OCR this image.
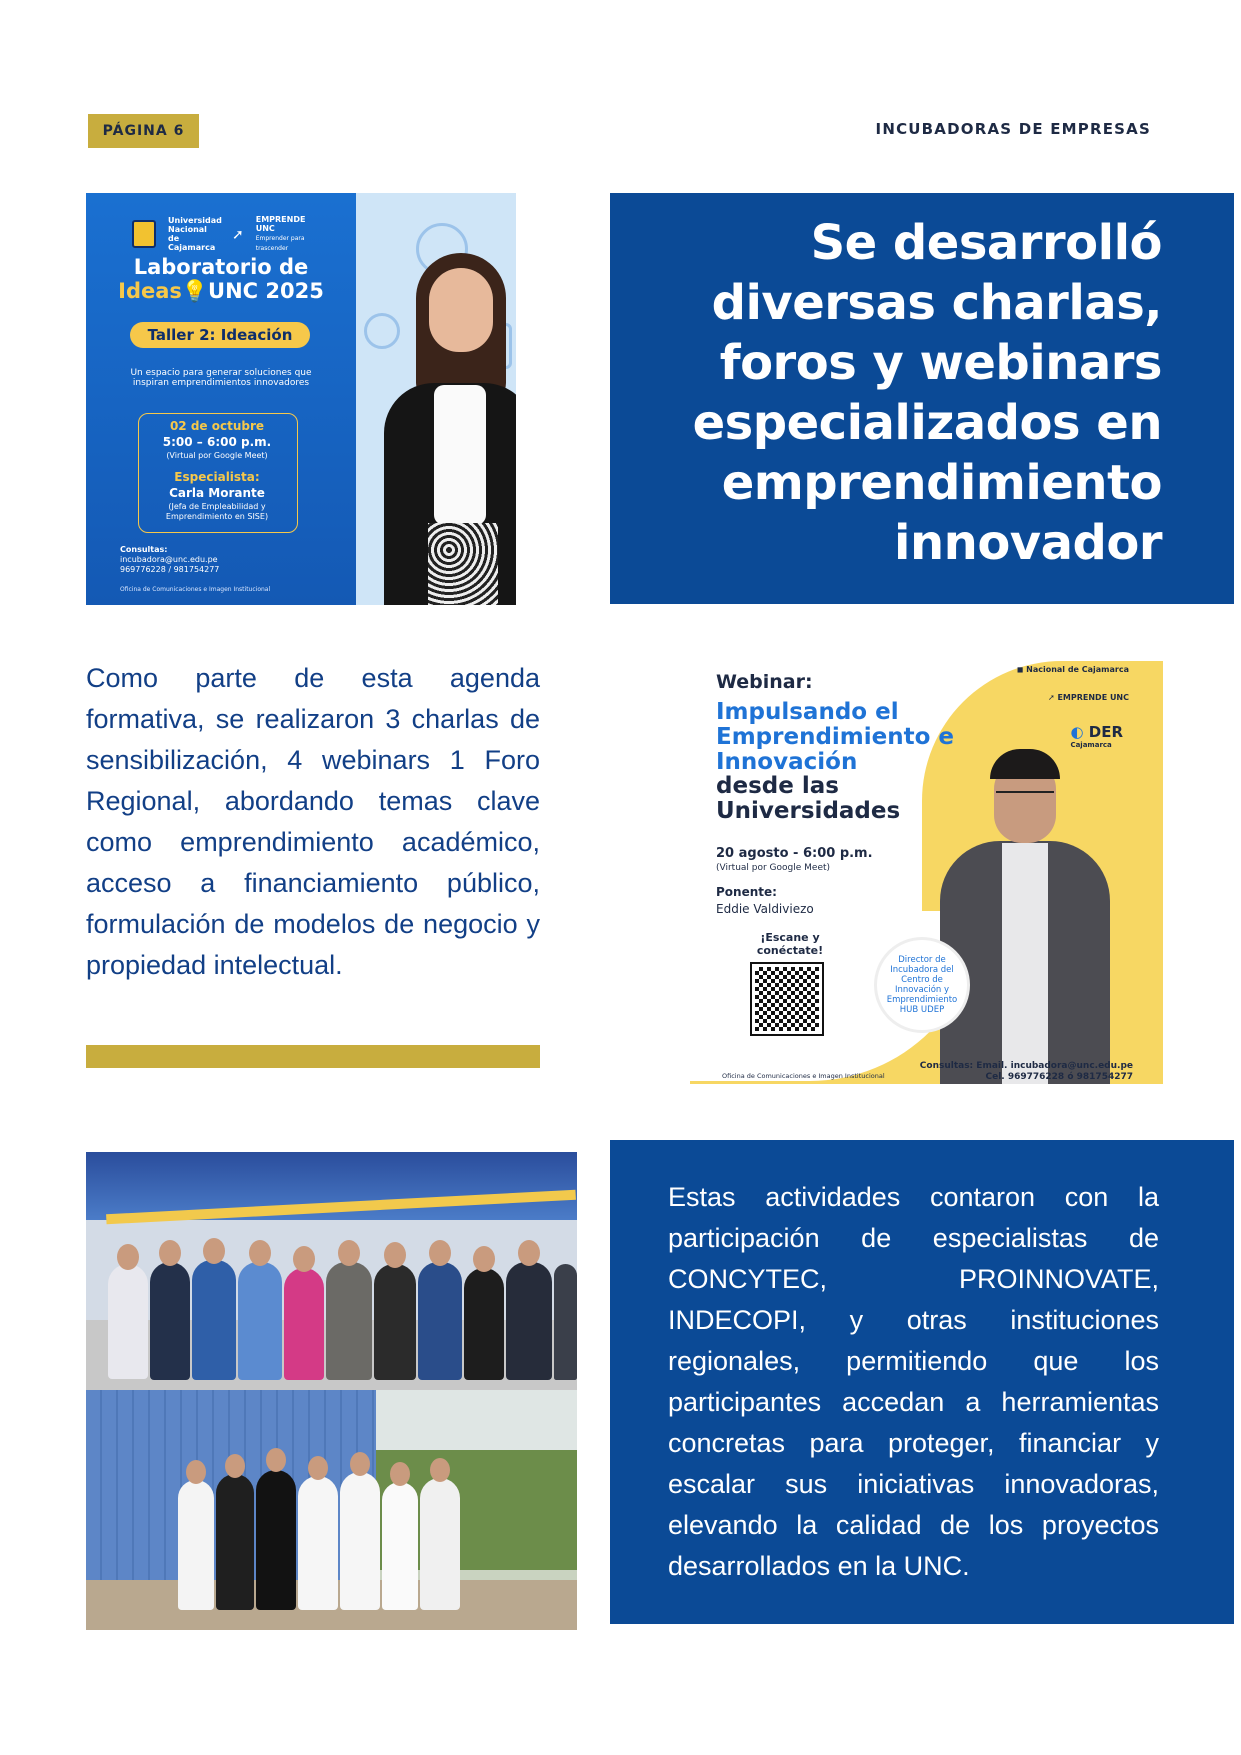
PÁGINA 6	INCUBADORAS DE EMPRESAS
Universidad Nacional de Cajamarca
➚
EMPRENDE UNC
Emprender para trascender
Laboratorio de
Ideas💡UNC 2025
Taller 2: Ideación
Un espacio para generar soluciones que inspiran emprendimientos innovadores
02 de octubre
5:00 – 6:00 p.m.
(Virtual por Google Meet)
Especialista:
Carla Morante
(Jefa de Empleabilidad y Emprendimiento en SISE)
Consultas:
incubadora@unc.edu.pe
969776228 / 981754277
Oficina de Comunicaciones e Imagen Institucional
Se desarrolló diversas charlas, foros y webinars especializados en emprendimiento innovador
Como parte de esta agenda formativa, se realizaron 3 charlas de sensibilización, 4 webinars 1 Foro Regional, abordando temas clave como emprendimiento académico, acceso a financiamiento público, formulación de modelos de negocio y propiedad intelectual.
Webinar:
Impulsando el Emprendimiento e Innovación
desde las Universidades
20 agosto - 6:00 p.m.
(Virtual por Google Meet)
Ponente:
Eddie Valdiviezo
¡Escane y conéctate!
Director de Incubadora del Centro de Innovación y Emprendimiento HUB UDEP
◼ Nacional de Cajamarca
➚ EMPRENDE UNC
◐ DER
Cajamarca
Consultas: Email. incubadora@unc.edu.pe
Cel. 969776228 ó 981754277
Oficina de Comunicaciones e Imagen Institucional
Estas actividades contaron con la participación de especialistas de CONCYTEC, PROINNOVATE, INDECOPI, y otras instituciones regionales, permitiendo que los participantes accedan a herramientas concretas para proteger, financiar y escalar sus iniciativas innovadoras, elevando la calidad de los proyectos desarrollados en la UNC.
